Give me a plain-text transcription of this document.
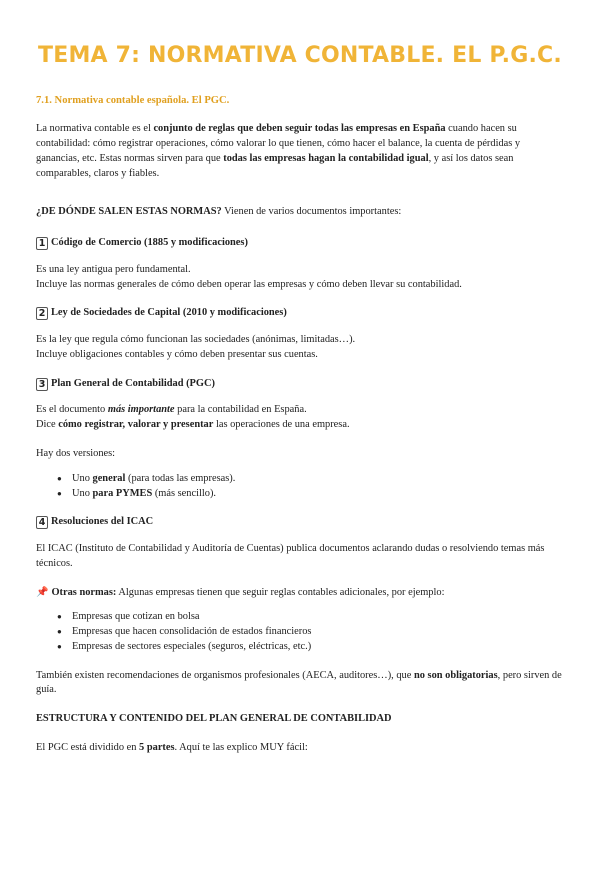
TEMA 7: NORMATIVA CONTABLE. EL P.G.C.

7.1. Normativa contable española. El PGC.

La normativa contable es el conjunto de reglas que deben seguir todas las empresas en España cuando hacen su contabilidad: cómo registrar operaciones, cómo valorar lo que tienen, cómo hacer el balance, la cuenta de pérdidas y ganancias, etc. Estas normas sirven para que todas las empresas hagan la contabilidad igual, y así los datos sean comparables, claros y fiables.

¿DE DÓNDE SALEN ESTAS NORMAS? Vienen de varios documentos importantes:

1 Código de Comercio (1885 y modificaciones)

Es una ley antigua pero fundamental.

Incluye las normas generales de cómo deben operar las empresas y cómo deben llevar su contabilidad.

2 Ley de Sociedades de Capital (2010 y modificaciones)

Es la ley que regula cómo funcionan las sociedades (anónimas, limitadas…).

Incluye obligaciones contables y cómo deben presentar sus cuentas.

3 Plan General de Contabilidad (PGC)

Es el documento más importante para la contabilidad en España.

Dice cómo registrar, valorar y presentar las operaciones de una empresa.

Hay dos versiones:

● Uno general (para todas las empresas).
● Uno para PYMES (más sencillo).

4 Resoluciones del ICAC

El ICAC (Instituto de Contabilidad y Auditoría de Cuentas) publica documentos aclarando dudas o resolviendo temas más técnicos.

📌 Otras normas: Algunas empresas tienen que seguir reglas contables adicionales, por ejemplo:

● Empresas que cotizan en bolsa
● Empresas que hacen consolidación de estados financieros
● Empresas de sectores especiales (seguros, eléctricas, etc.)

También existen recomendaciones de organismos profesionales (AECA, auditores…), que no son obligatorias, pero sirven de guía.

ESTRUCTURA Y CONTENIDO DEL PLAN GENERAL DE CONTABILIDAD

El PGC está dividido en 5 partes. Aquí te las explico MUY fácil:
